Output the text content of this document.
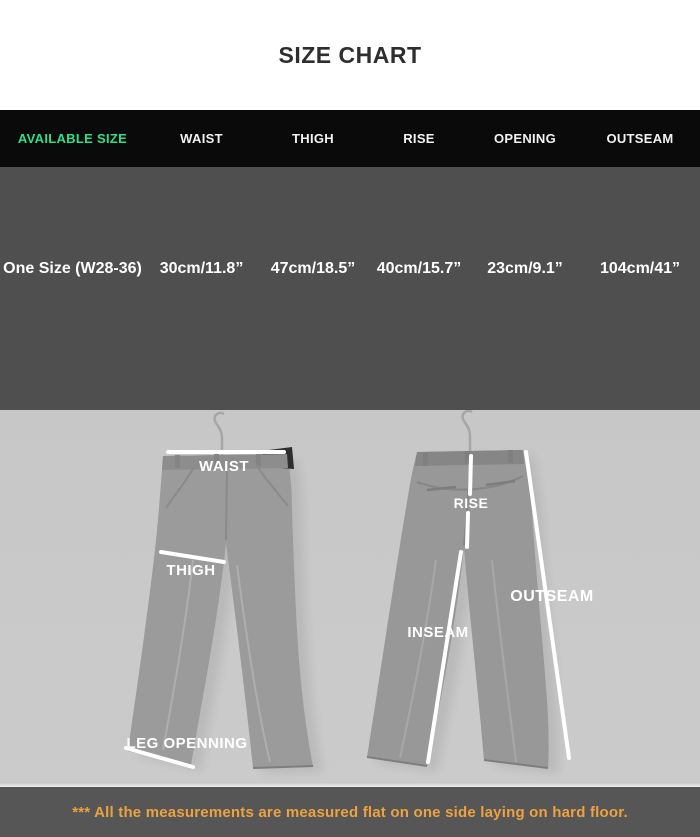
SIZE CHART
AVAILABLE SIZE	WAIST	THIGH	RISE	OPENING	OUTSEAM
One Size (W28-36)	30cm/11.8”	47cm/18.5”	40cm/15.7”	23cm/9.1”	104cm/41”
WAIST
THIGH
LEG OPENNING
RISE
INSEAM
OUTSEAM
*** All the measurements are measured flat on one side laying on hard floor.
